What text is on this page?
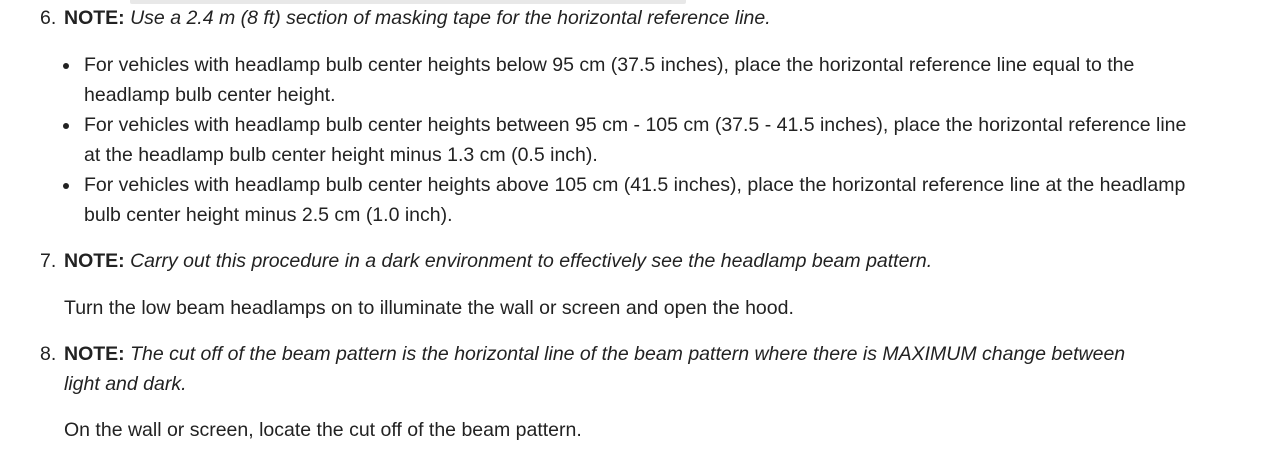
6. NOTE: Use a 2.4 m (8 ft) section of masking tape for the horizontal reference line.
For vehicles with headlamp bulb center heights below 95 cm (37.5 inches), place the horizontal reference line equal to the headlamp bulb center height.
For vehicles with headlamp bulb center heights between 95 cm - 105 cm (37.5 - 41.5 inches), place the horizontal reference line at the headlamp bulb center height minus 1.3 cm (0.5 inch).
For vehicles with headlamp bulb center heights above 105 cm (41.5 inches), place the horizontal reference line at the headlamp bulb center height minus 2.5 cm (1.0 inch).
7. NOTE: Carry out this procedure in a dark environment to effectively see the headlamp beam pattern.
Turn the low beam headlamps on to illuminate the wall or screen and open the hood.
8. NOTE: The cut off of the beam pattern is the horizontal line of the beam pattern where there is MAXIMUM change between light and dark.
On the wall or screen, locate the cut off of the beam pattern.
